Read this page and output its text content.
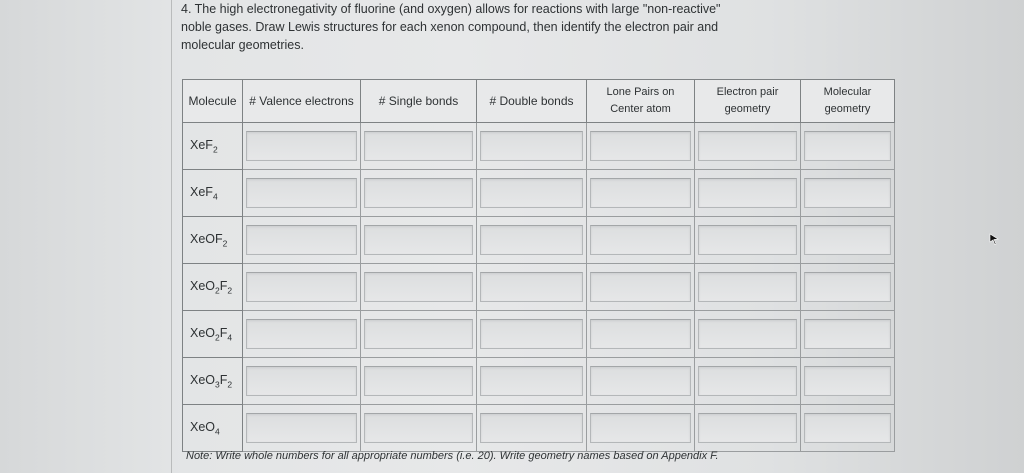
4. The high electronegativity of fluorine (and oxygen) allows for reactions with large "non-reactive"

noble gases. Draw Lewis structures for each xenon compound, then identify the electron pair and

molecular geometries.

Molecule	# Valence electrons	# Single bonds	# Double bonds	Lone Pairs on Center atom	Electron pair geometry	Molecular geometry
XeF$_2$	

XeF$_4$	

XeOF$_2$	

$XeO_2F_2$	

$XeO_2F_4$	

$XeO_3F_2$	

XeO$_4$	

Note: Write whole numbers for all appropriate numbers (i.e. 20). Write geometry names based on Appendix F.
